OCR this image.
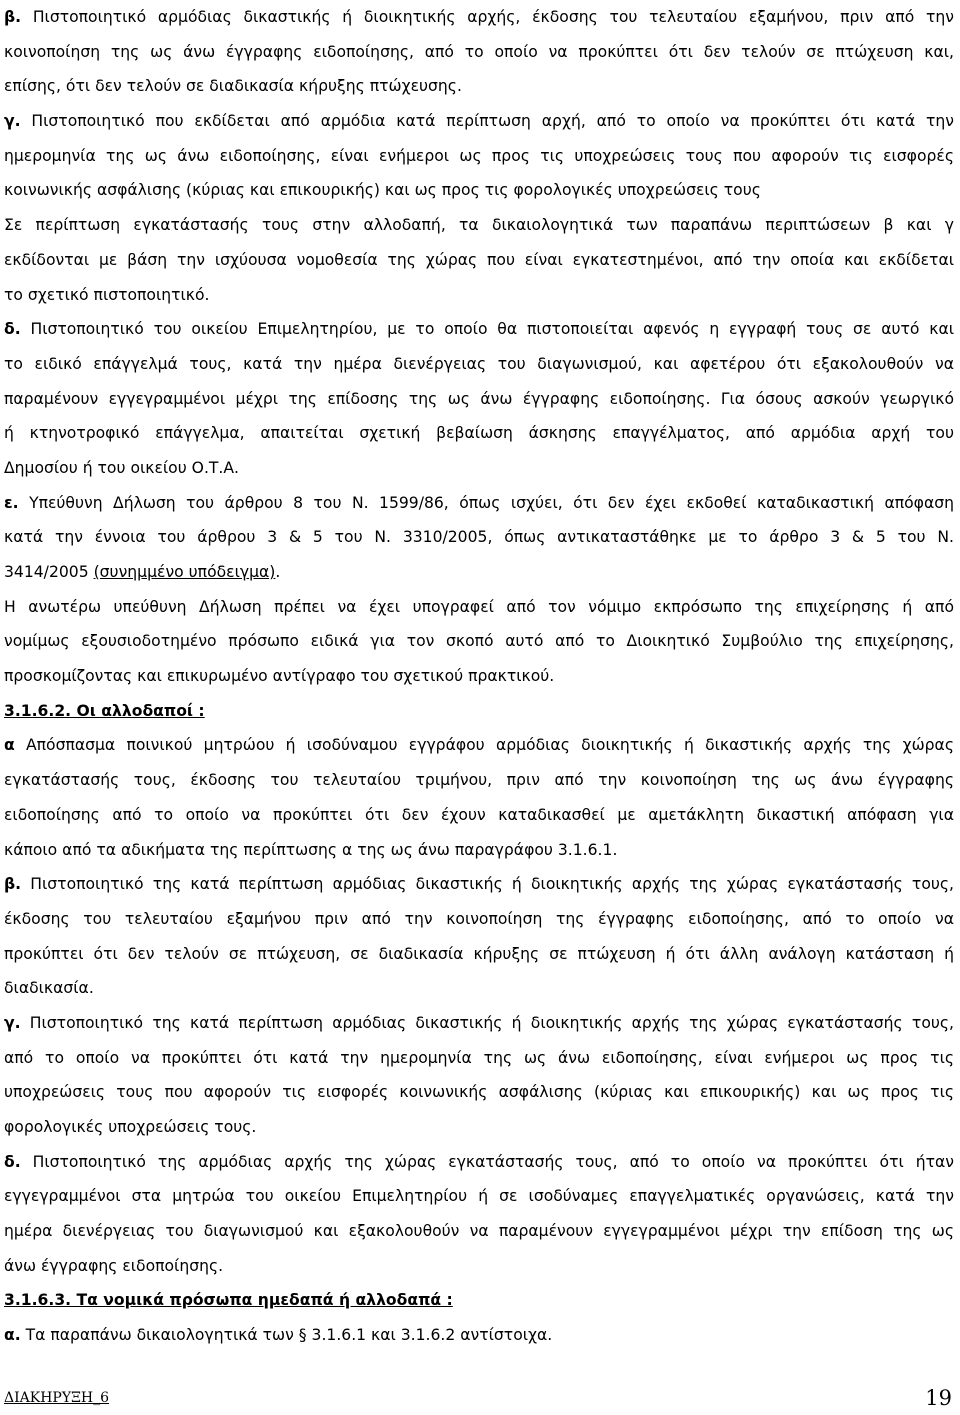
β. Πιστοποιητικό αρμόδιας δικαστικής ή διοικητικής αρχής, έκδοσης του τελευταίου εξαμήνου, πριν από την
κοινοποίηση της ως άνω έγγραφης ειδοποίησης, από το οποίο να προκύπτει ότι δεν τελούν σε πτώχευση και,
επίσης, ότι δεν τελούν σε διαδικασία κήρυξης πτώχευσης.
γ. Πιστοποιητικό που εκδίδεται από αρμόδια κατά περίπτωση αρχή, από το οποίο να προκύπτει ότι κατά την
ημερομηνία της ως άνω ειδοποίησης, είναι ενήμεροι ως προς τις υποχρεώσεις τους που αφορούν τις εισφορές
κοινωνικής ασφάλισης (κύριας και επικουρικής) και ως προς τις φορολογικές υποχρεώσεις τους
Σε περίπτωση εγκατάστασής τους στην αλλοδαπή, τα δικαιολογητικά των παραπάνω περιπτώσεων β και γ
εκδίδονται με βάση την ισχύουσα νομοθεσία της χώρας που είναι εγκατεστημένοι, από την οποία και εκδίδεται
το σχετικό πιστοποιητικό.
δ. Πιστοποιητικό του οικείου Επιμελητηρίου, με το οποίο θα πιστοποιείται αφενός η εγγραφή τους σε αυτό και
το ειδικό επάγγελμά τους, κατά την ημέρα διενέργειας του διαγωνισμού, και αφετέρου ότι εξακολουθούν να
παραμένουν εγγεγραμμένοι μέχρι της επίδοσης της ως άνω έγγραφης ειδοποίησης. Για όσους ασκούν γεωργικό
ή κτηνοτροφικό επάγγελμα, απαιτείται σχετική βεβαίωση άσκησης επαγγέλματος, από αρμόδια αρχή του
Δημοσίου ή του οικείου Ο.Τ.Α.
ε. Υπεύθυνη Δήλωση του άρθρου 8 του Ν. 1599/86, όπως ισχύει, ότι δεν έχει εκδοθεί καταδικαστική απόφαση
κατά την έννοια του άρθρου 3 & 5 του Ν. 3310/2005, όπως αντικαταστάθηκε με το άρθρο 3 & 5 του Ν.
3414/2005 (συνημμένο υπόδειγμα).
Η ανωτέρω υπεύθυνη Δήλωση πρέπει να έχει υπογραφεί από τον νόμιμο εκπρόσωπο της επιχείρησης ή από
νομίμως εξουσιοδοτημένο πρόσωπο ειδικά για τον σκοπό αυτό από το Διοικητικό Συμβούλιο της επιχείρησης,
προσκομίζοντας και επικυρωμένο αντίγραφο του σχετικού πρακτικού.
3.1.6.2. Οι αλλοδαποί :
α Απόσπασμα ποινικού μητρώου ή ισοδύναμου εγγράφου αρμόδιας διοικητικής ή δικαστικής αρχής της χώρας
εγκατάστασής τους, έκδοσης του τελευταίου τριμήνου, πριν από την κοινοποίηση της ως άνω έγγραφης
ειδοποίησης από το οποίο να προκύπτει ότι δεν έχουν καταδικασθεί με αμετάκλητη δικαστική απόφαση για
κάποιο από τα αδικήματα της περίπτωσης α της ως άνω παραγράφου 3.1.6.1.
β. Πιστοποιητικό της κατά περίπτωση αρμόδιας δικαστικής ή διοικητικής αρχής της χώρας εγκατάστασής τους,
έκδοσης του τελευταίου εξαμήνου πριν από την κοινοποίηση της έγγραφης ειδοποίησης, από το οποίο να
προκύπτει ότι δεν τελούν σε πτώχευση, σε διαδικασία κήρυξης σε πτώχευση ή ότι άλλη ανάλογη κατάσταση ή
διαδικασία.
γ. Πιστοποιητικό της κατά περίπτωση αρμόδιας δικαστικής ή διοικητικής αρχής της χώρας εγκατάστασής τους,
από το οποίο να προκύπτει ότι κατά την ημερομηνία της ως άνω ειδοποίησης, είναι ενήμεροι ως προς τις
υποχρεώσεις τους που αφορούν τις εισφορές κοινωνικής ασφάλισης (κύριας και επικουρικής) και ως προς τις
φορολογικές υποχρεώσεις τους.
δ. Πιστοποιητικό της αρμόδιας αρχής της χώρας εγκατάστασής τους, από το οποίο να προκύπτει ότι ήταν
εγγεγραμμένοι στα μητρώα του οικείου Επιμελητηρίου ή σε ισοδύναμες επαγγελματικές οργανώσεις, κατά την
ημέρα διενέργειας του διαγωνισμού και εξακολουθούν να παραμένουν εγγεγραμμένοι μέχρι την επίδοση της ως
άνω έγγραφης ειδοποίησης.
3.1.6.3. Τα νομικά πρόσωπα ημεδαπά ή αλλοδαπά :
α. Τα παραπάνω δικαιολογητικά των § 3.1.6.1 και 3.1.6.2 αντίστοιχα.
ΔΙΑΚΗΡΥΞΗ_6	19
